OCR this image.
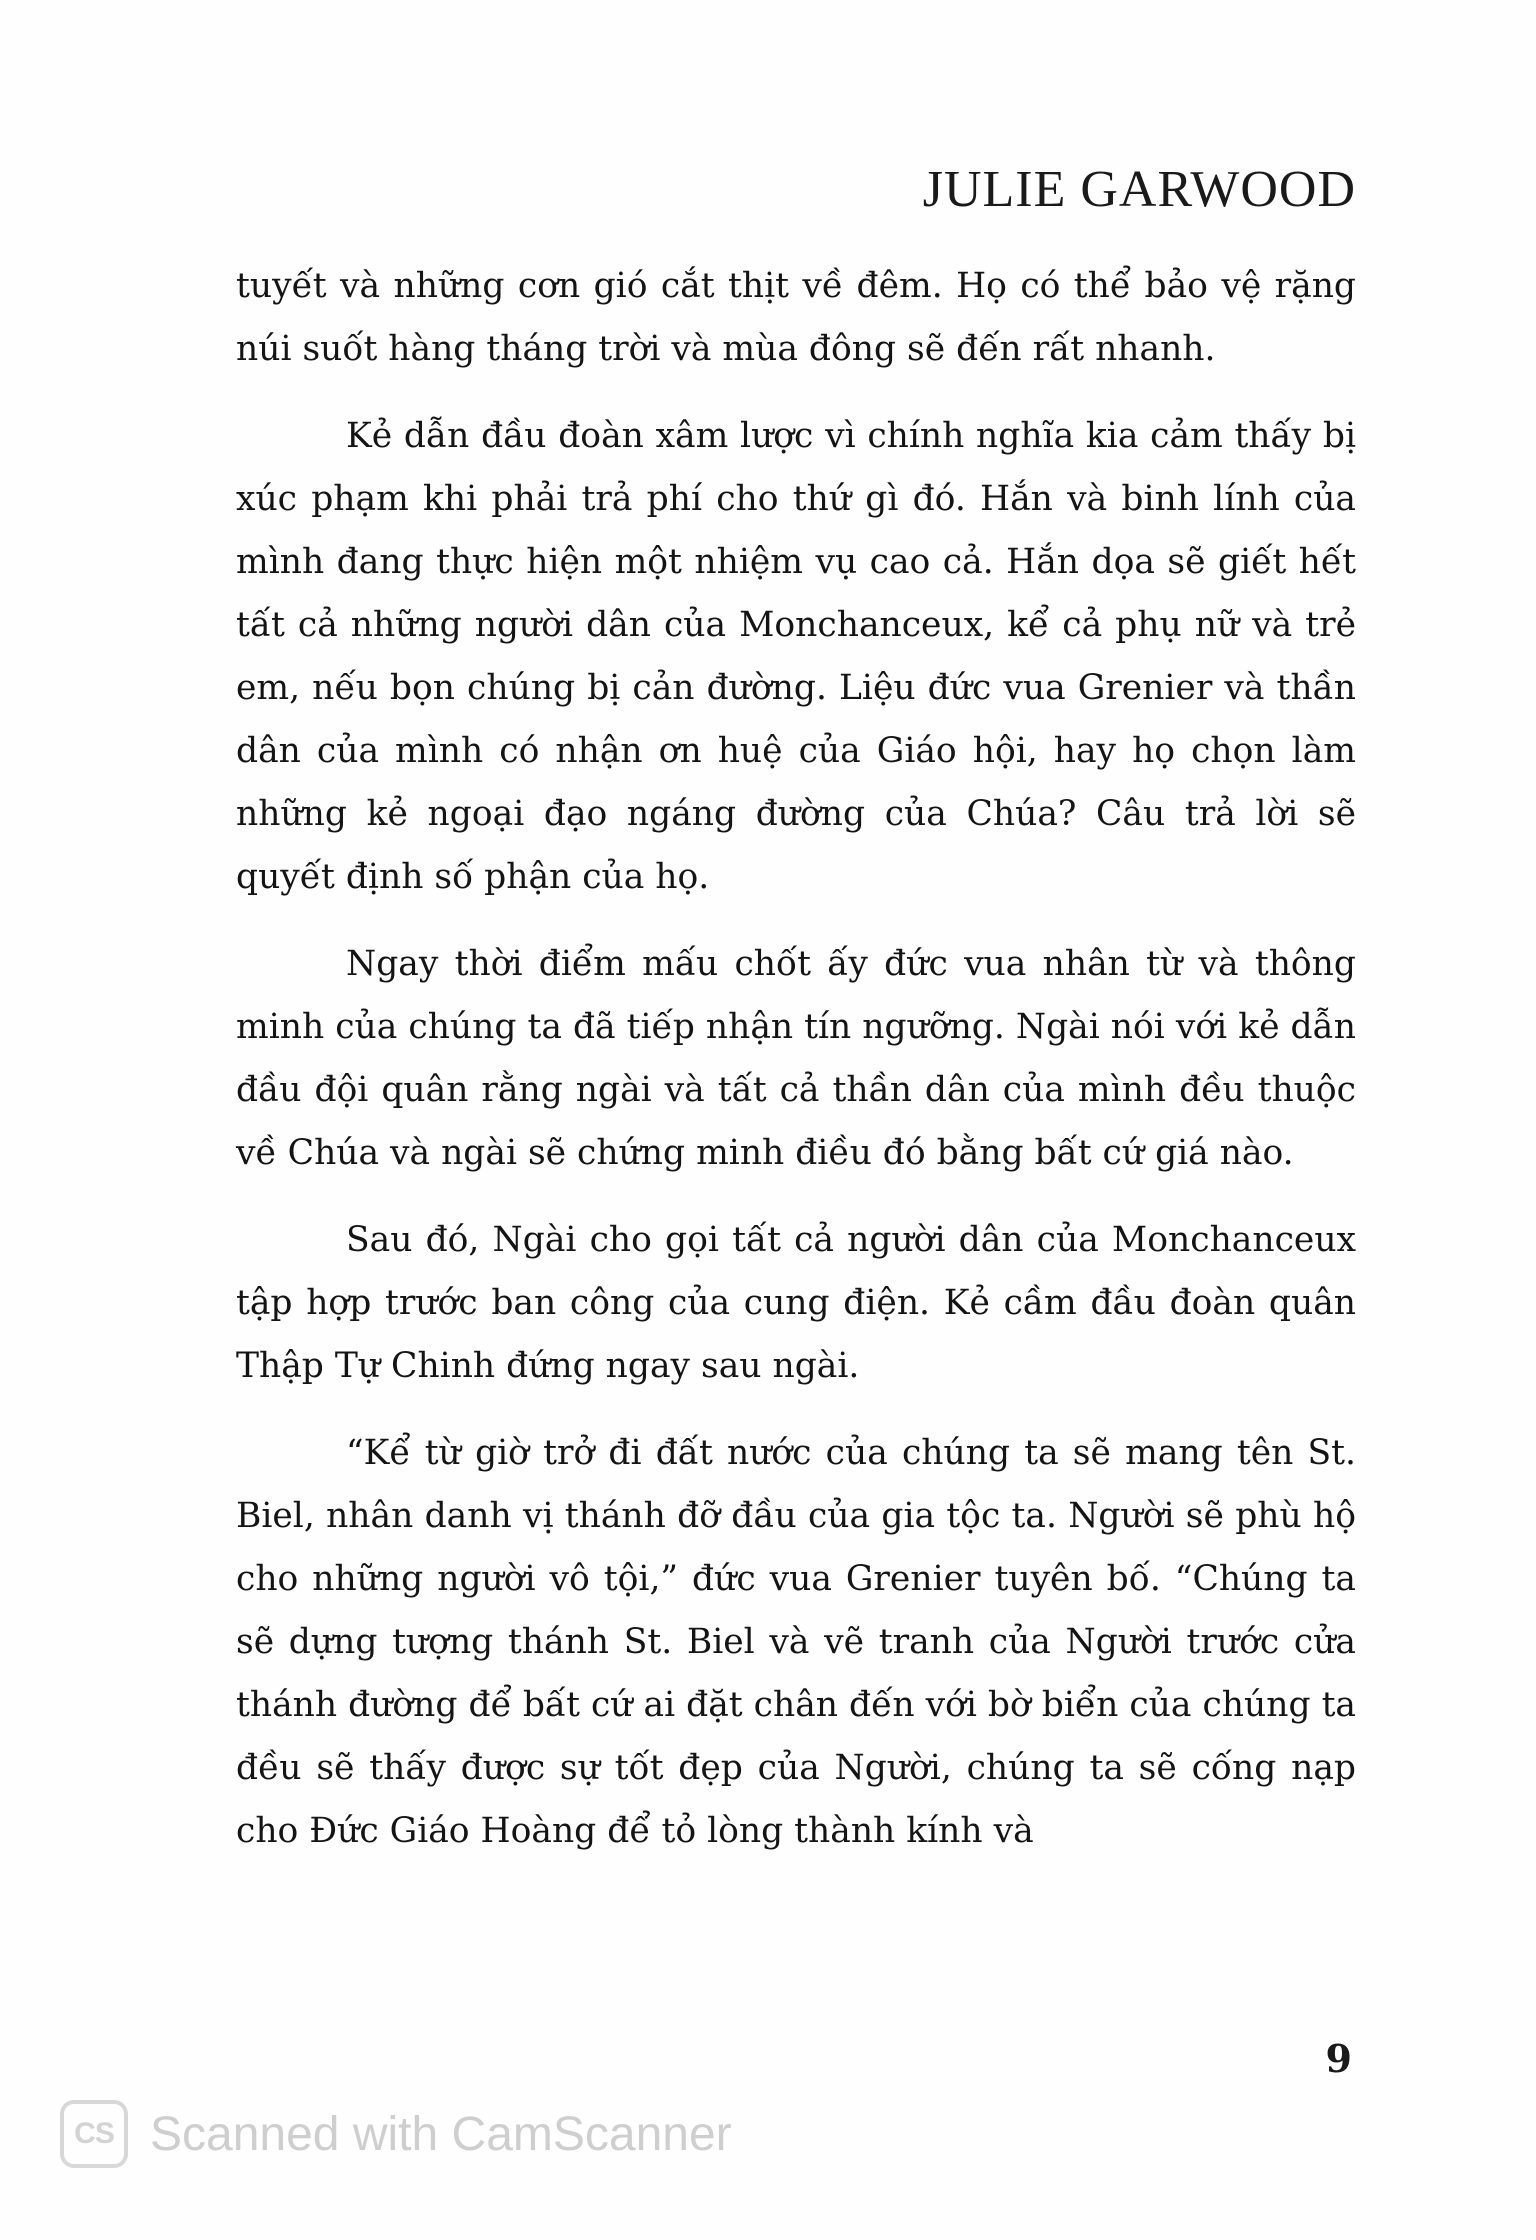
JULIE GARWOOD

tuyết và những cơn gió cắt thịt về đêm. Họ có thể bảo vệ rặng núi suốt hàng tháng trời và mùa đông sẽ đến rất nhanh.

Kẻ dẫn đầu đoàn xâm lược vì chính nghĩa kia cảm thấy bị xúc phạm khi phải trả phí cho thứ gì đó. Hắn và binh lính của mình đang thực hiện một nhiệm vụ cao cả. Hắn dọa sẽ giết hết tất cả những người dân của Monchanceux, kể cả phụ nữ và trẻ em, nếu bọn chúng bị cản đường. Liệu đức vua Grenier và thần dân của mình có nhận ơn huệ của Giáo hội, hay họ chọn làm những kẻ ngoại đạo ngáng đường của Chúa? Câu trả lời sẽ quyết định số phận của họ.

Ngay thời điểm mấu chốt ấy đức vua nhân từ và thông minh của chúng ta đã tiếp nhận tín ngưỡng. Ngài nói với kẻ dẫn đầu đội quân rằng ngài và tất cả thần dân của mình đều thuộc về Chúa và ngài sẽ chứng minh điều đó bằng bất cứ giá nào.

Sau đó, Ngài cho gọi tất cả người dân của Monchanceux tập hợp trước ban công của cung điện. Kẻ cầm đầu đoàn quân Thập Tự Chinh đứng ngay sau ngài.

“Kể từ giờ trở đi đất nước của chúng ta sẽ mang tên St. Biel, nhân danh vị thánh đỡ đầu của gia tộc ta. Người sẽ phù hộ cho những người vô tội,” đức vua Grenier tuyên bố. “Chúng ta sẽ dựng tượng thánh St. Biel và vẽ tranh của Người trước cửa thánh đường để bất cứ ai đặt chân đến với bờ biển của chúng ta đều sẽ thấy được sự tốt đẹp của Người, chúng ta sẽ cống nạp cho Đức Giáo Hoàng để tỏ lòng thành kính và

9
CS Scanned with CamScanner
